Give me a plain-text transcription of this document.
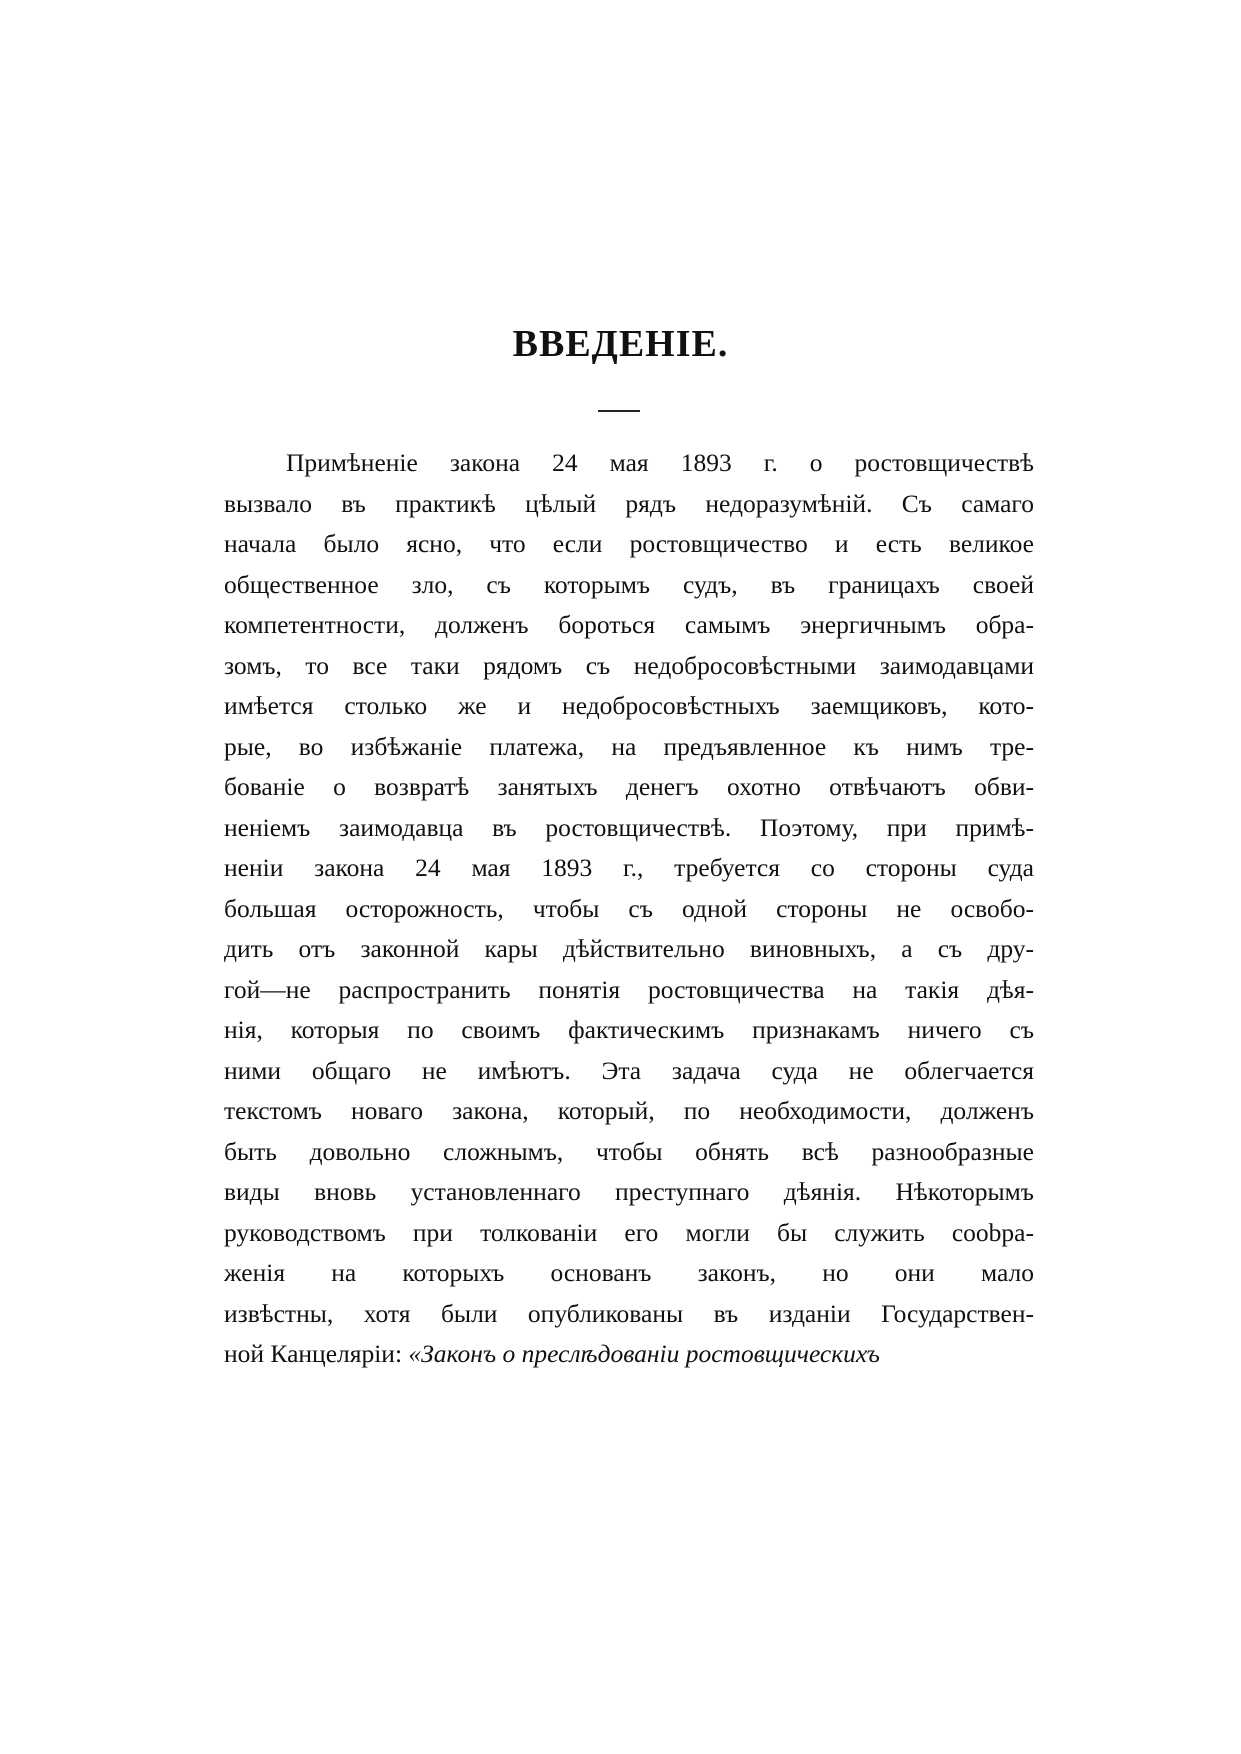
ВВЕДЕНІЕ.
Примѣненіе закона 24 мая 1893 г. о ростовщичествѣ
вызвало въ практикѣ цѣлый рядъ недоразумѣній. Съ самаго
начала было ясно, что если ростовщичество и есть великое
общественное зло, съ которымъ судъ, въ границахъ своей
компетентности, долженъ бороться самымъ энергичнымъ обра-
зомъ, то все таки рядомъ съ недобросовѣстными заимодавцами
имѣется столько же и недобросовѣстныхъ заемщиковъ, кото-
рые, во избѣжаніе платежа, на предъявленное къ нимъ тре-
бованіе о возвратѣ занятыхъ денегъ охотно отвѣчаютъ обви-
неніемъ заимодавца въ ростовщичествѣ. Поэтому, при примѣ-
неніи закона 24 мая 1893 г., требуется со стороны суда
большая осторожность, чтобы съ одной стороны не освобо-
дить отъ законной кары дѣйствительно виновныхъ, а съ дру-
гой—не распространить понятія ростовщичества на такія дѣя-
нія, которыя по своимъ фактическимъ признакамъ ничего съ
ними общаго не имѣютъ. Эта задача суда не облегчается
текстомъ новаго закона, который, по необходимости, долженъ
быть довольно сложнымъ, чтобы обнять всѣ разнообразные
виды вновь установленнаго преступнаго дѣянія. Нѣкоторымъ
руководствомъ при толкованіи его могли бы служить соobра-
женія на которыхъ основанъ законъ, но они мало
извѣстны, хотя были опубликованы въ изданіи Государствен-
ной Канцеляріи: «Законъ о преслѣдованіи ростовщическихъ
